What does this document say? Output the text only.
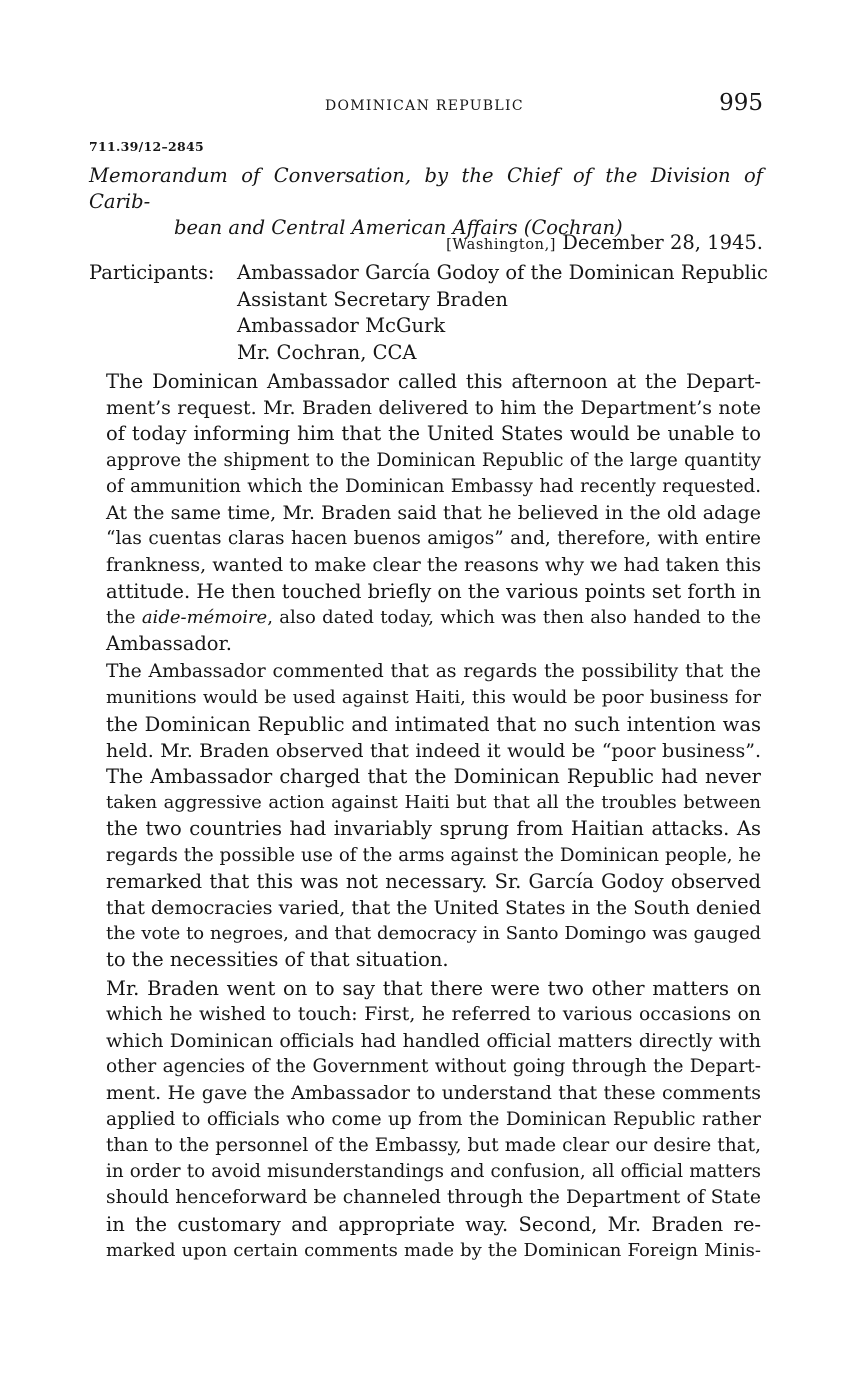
DOMINICAN REPUBLIC	995
711.39/12–2845
Memorandum of Conversation, by the Chief of the Division of Carib-
bean and Central American Affairs (Cochran)
[Washington,] December 28, 1945.
Participants: Ambassador García Godoy of the Dominican Republic
Assistant Secretary Braden
Ambassador McGurk
Mr. Cochran, CCA

The Dominican Ambassador called this afternoon at the Depart-
ment’s request. Mr. Braden delivered to him the Department’s note
of today informing him that the United States would be unable to
approve the shipment to the Dominican Republic of the large quantity
of ammunition which the Dominican Embassy had recently requested.
At the same time, Mr. Braden said that he believed in the old adage
“las cuentas claras hacen buenos amigos” and, therefore, with entire
frankness, wanted to make clear the reasons why we had taken this
attitude. He then touched briefly on the various points set forth in
the aide-mémoire, also dated today, which was then also handed to the
Ambassador.

The Ambassador commented that as regards the possibility that the
munitions would be used against Haiti, this would be poor business for
the Dominican Republic and intimated that no such intention was
held. Mr. Braden observed that indeed it would be “poor business”.
The Ambassador charged that the Dominican Republic had never
taken aggressive action against Haiti but that all the troubles between
the two countries had invariably sprung from Haitian attacks. As
regards the possible use of the arms against the Dominican people, he
remarked that this was not necessary. Sr. García Godoy observed
that democracies varied, that the United States in the South denied
the vote to negroes, and that democracy in Santo Domingo was gauged
to the necessities of that situation.

Mr. Braden went on to say that there were two other matters on
which he wished to touch: First, he referred to various occasions on
which Dominican officials had handled official matters directly with
other agencies of the Government without going through the Depart-
ment. He gave the Ambassador to understand that these comments
applied to officials who come up from the Dominican Republic rather
than to the personnel of the Embassy, but made clear our desire that,
in order to avoid misunderstandings and confusion, all official matters
should henceforward be channeled through the Department of State
in the customary and appropriate way. Second, Mr. Braden re-
marked upon certain comments made by the Dominican Foreign Minis-
